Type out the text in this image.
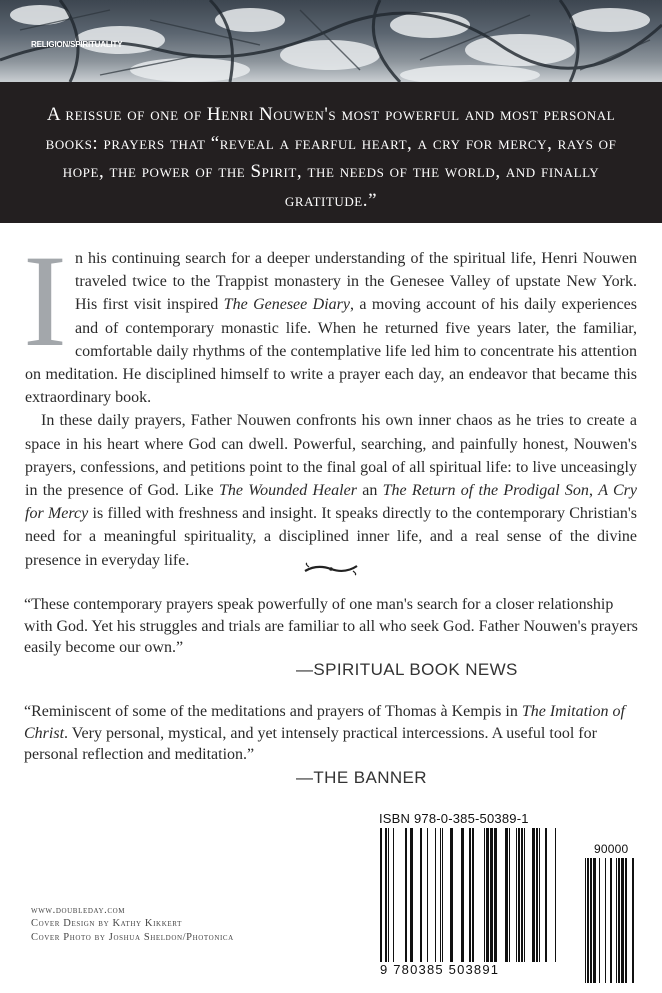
RELIGION/SPIRITUALITY
A reissue of one of Henri Nouwen's most powerful and most personal books: prayers that “reveal a fearful heart, a cry for mercy, rays of hope, the power of the Spirit, the needs of the world, and finally gratitude.”

In his continuing search for a deeper understanding of the spiritual life, Henri Nouwen traveled twice to the Trappist monastery in the Genesee Valley of upstate New York. His first visit inspired The Genesee Diary, a moving account of his daily experiences and of contemporary monastic life. When he returned five years later, the familiar, comfortable daily rhythms of the contemplative life led him to concentrate his attention on meditation. He disciplined himself to write a prayer each day, an endeavor that became this extraordinary book.

In these daily prayers, Father Nouwen confronts his own inner chaos as he tries to create a space in his heart where God can dwell. Powerful, searching, and painfully honest, Nouwen's prayers, confessions, and petitions point to the final goal of all spiritual life: to live unceasingly in the presence of God. Like The Wounded Healer an The Return of the Prodigal Son, A Cry for Mercy is filled with freshness and insight. It speaks directly to the contemporary Christian's need for a meaningful spirituality, a disciplined inner life, and a real sense of the divine presence in everyday life.

“These contemporary prayers speak powerfully of one man's search for a closer relationship with God. Yet his struggles and trials are familiar to all who seek God. Father Nouwen's prayers easily become our own.”
—SPIRITUAL BOOK NEWS
“Reminiscent of some of the meditations and prayers of Thomas à Kempis in The Imitation of Christ. Very personal, mystical, and yet intensely practical intercessions. A useful tool for personal reflection and meditation.”
—THE BANNER
www.doubleday.com
Cover Design by Kathy Kikkert
Cover Photo by Joshua Sheldon/Photonica
ISBN 978-0-385-50389-1
90000
9 780385 503891
